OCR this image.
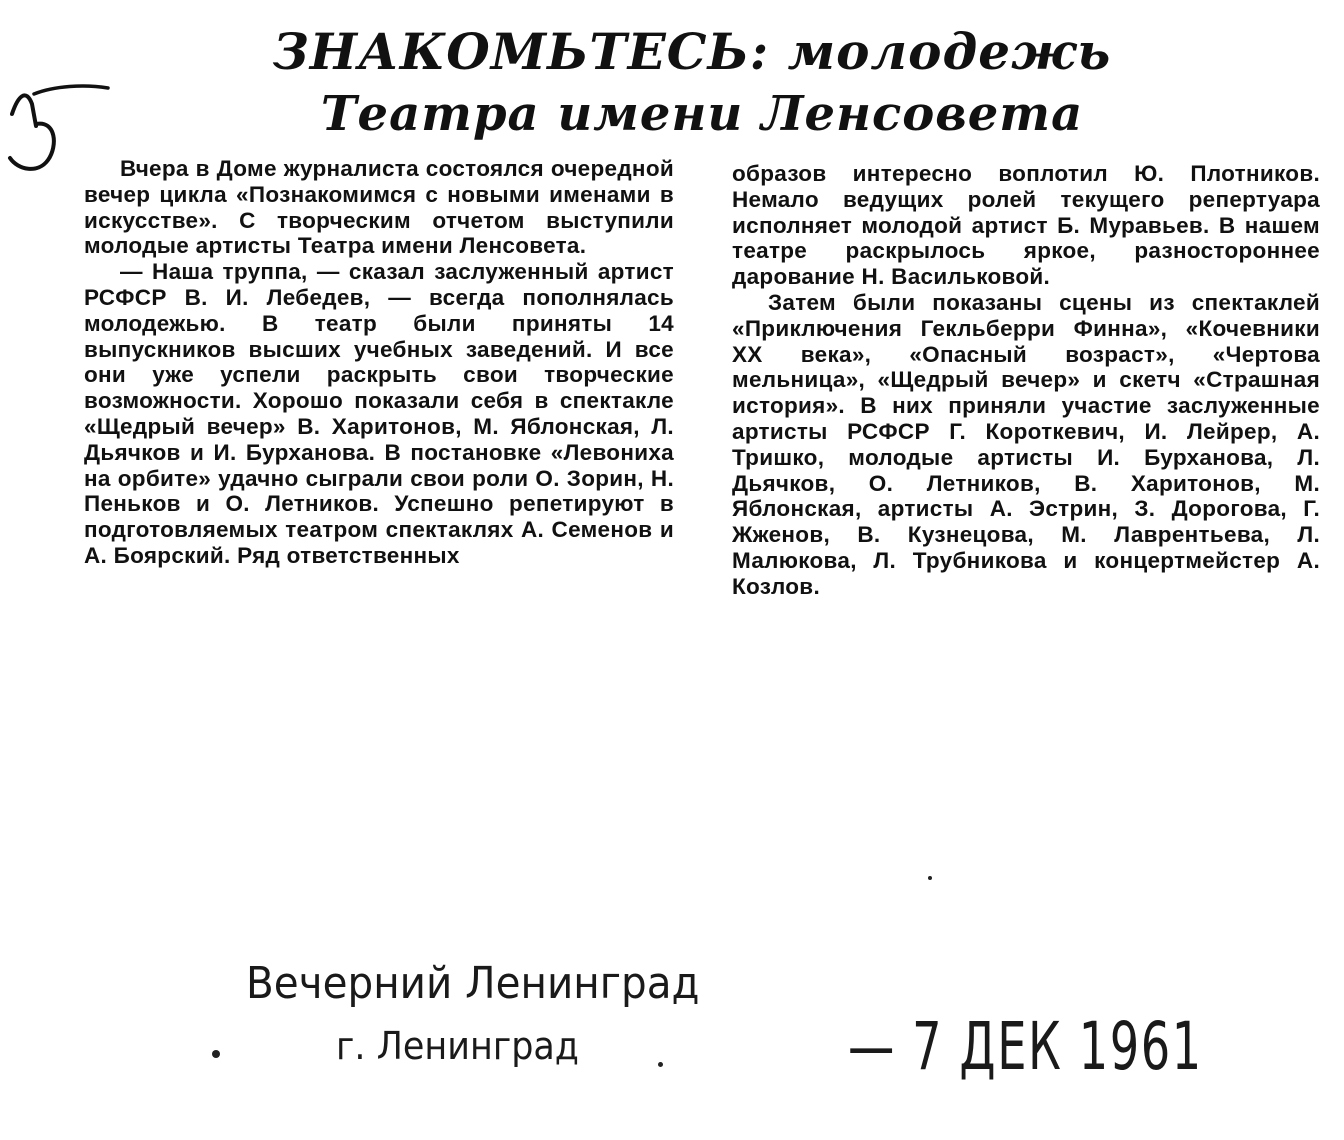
5	ЗНАКОМЬТЕСЬ: молодежь
Театра имени Ленсовета

Вчера в Доме журналиста состоялся очередной вечер цикла «Познакомимся с новыми именами в искусстве». С творческим отчетом выступили молодые артисты Театра имени Ленсовета.

— Наша труппа, — сказал заслуженный артист РСФСР В. И. Лебедев, — всегда пополнялась молодежью. В театр были приняты 14 выпускников высших учебных заведений. И все они уже успели раскрыть свои творческие возможности. Хорошо показали себя в спектакле «Щедрый вечер» В. Харитонов, М. Яблонская, Л. Дьячков и И. Бурханова. В постановке «Левониха на орбите» удачно сыграли свои роли О. Зорин, Н. Пеньков и О. Летников. Успешно репетируют в подготовляемых театром спектаклях А. Семенов и А. Боярский. Ряд ответственных

образов интересно воплотил Ю. Плотников. Немало ведущих ролей текущего репертуара исполняет молодой артист Б. Муравьев. В нашем театре раскрылось яркое, разностороннее дарование Н. Васильковой.

Затем были показаны сцены из спектаклей «Приключения Гекльберри Финна», «Кочевники XX века», «Опасный возраст», «Чертова мельница», «Щедрый вечер» и скетч «Страшная история». В них приняли участие заслуженные артисты РСФСР Г. Короткевич, И. Лейрер, А. Тришко, молодые артисты И. Бурханова, Л. Дьячков, О. Летников, В. Харитонов, М. Яблонская, артисты А. Эстрин, З. Дорогова, Г. Жженов, В. Кузнецова, М. Лаврентьева, Л. Малюкова, Л. Трубникова и концертмейстер А. Козлов.

Вечерний Ленинград
г. Ленинград	— 7 ДЕК 1961
